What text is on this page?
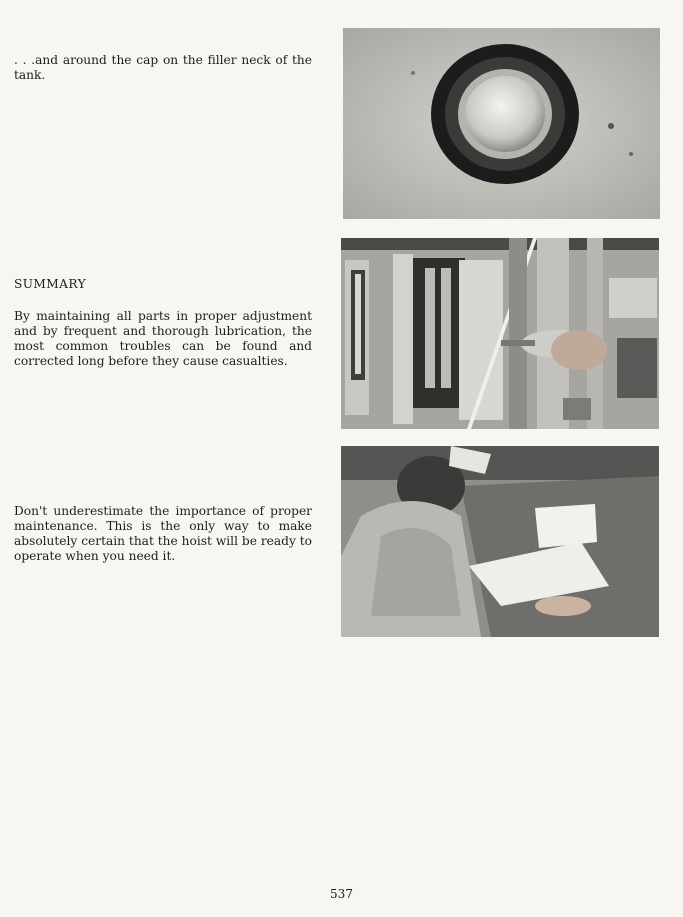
. . .and around the cap on the filler neck of the tank.

SUMMARY

By maintaining all parts in proper adjustment and by frequent and thorough lubrication, the most common troubles can be found and corrected long before they cause casualties.

Don't underestimate the importance of proper maintenance. This is the only way to make absolutely certain that the hoist will be ready to operate when you need it.

537
